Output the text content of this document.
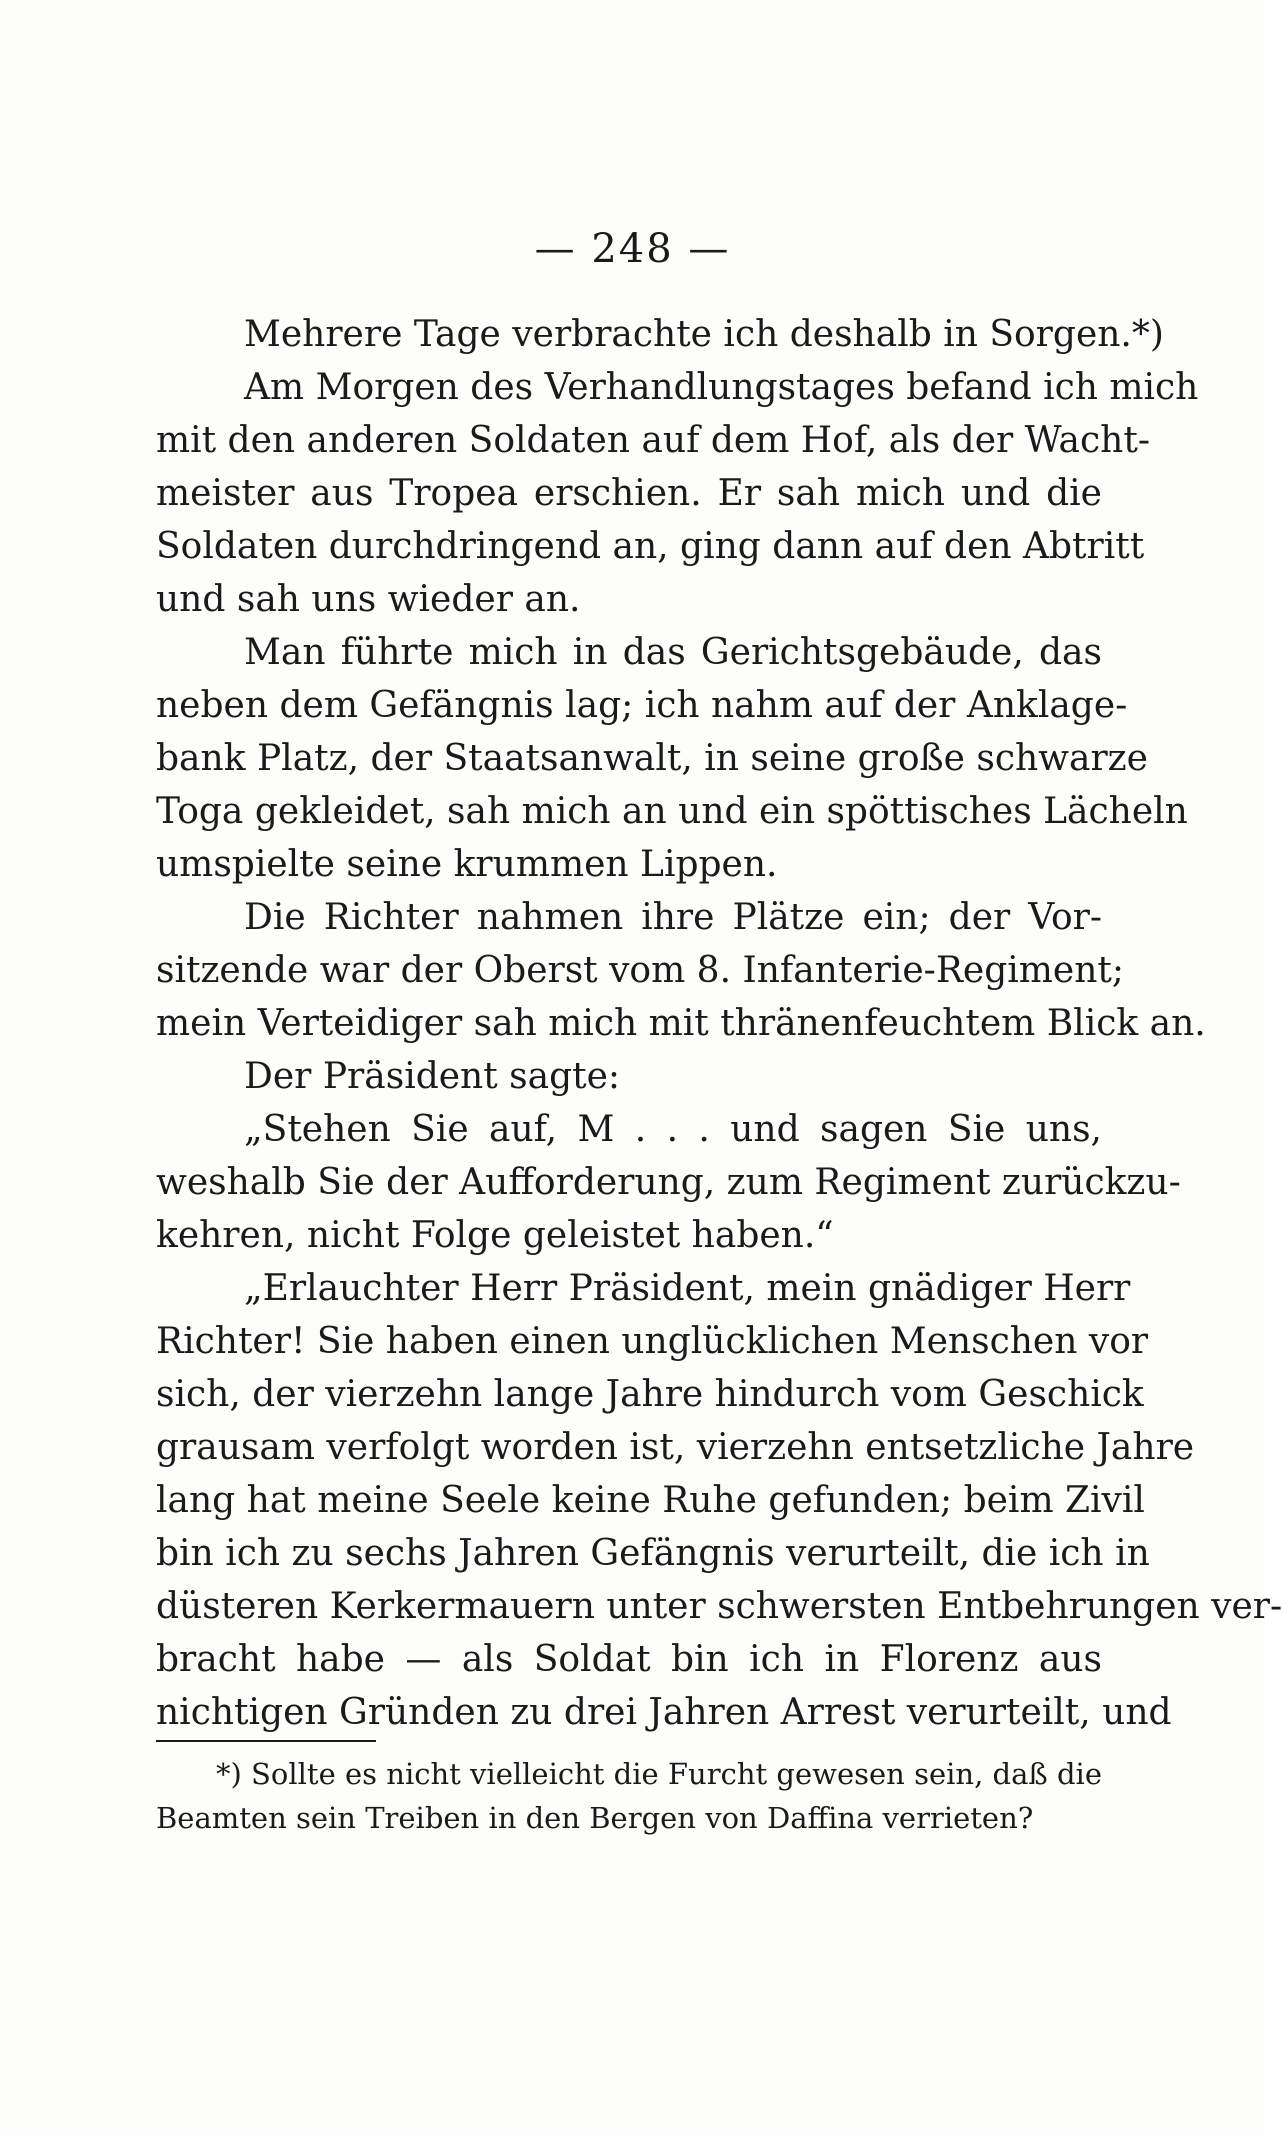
— 248 —
Mehrere Tage verbrachte ich deshalb in Sorgen.*)
Am Morgen des Verhandlungstages befand ich mich
mit den anderen Soldaten auf dem Hof, als der Wacht-
meister aus Tropea erschien. Er sah mich und die
Soldaten durchdringend an, ging dann auf den Abtritt
und sah uns wieder an.
Man führte mich in das Gerichtsgebäude, das
neben dem Gefängnis lag; ich nahm auf der Anklage-
bank Platz, der Staatsanwalt, in seine große schwarze
Toga gekleidet, sah mich an und ein spöttisches Lächeln
umspielte seine krummen Lippen.
Die Richter nahmen ihre Plätze ein; der Vor-
sitzende war der Oberst vom 8. Infanterie-Regiment;
mein Verteidiger sah mich mit thränenfeuchtem Blick an.
Der Präsident sagte:
„Stehen Sie auf, M . . . und sagen Sie uns,
weshalb Sie der Aufforderung, zum Regiment zurückzu-
kehren, nicht Folge geleistet haben.“
„Erlauchter Herr Präsident, mein gnädiger Herr
Richter! Sie haben einen unglücklichen Menschen vor
sich, der vierzehn lange Jahre hindurch vom Geschick
grausam verfolgt worden ist, vierzehn entsetzliche Jahre
lang hat meine Seele keine Ruhe gefunden; beim Zivil
bin ich zu sechs Jahren Gefängnis verurteilt, die ich in
düsteren Kerkermauern unter schwersten Entbehrungen ver-
bracht habe — als Soldat bin ich in Florenz aus
nichtigen Gründen zu drei Jahren Arrest verurteilt, und
*) Sollte es nicht vielleicht die Furcht gewesen sein, daß die
Beamten sein Treiben in den Bergen von Daffina verrieten?
